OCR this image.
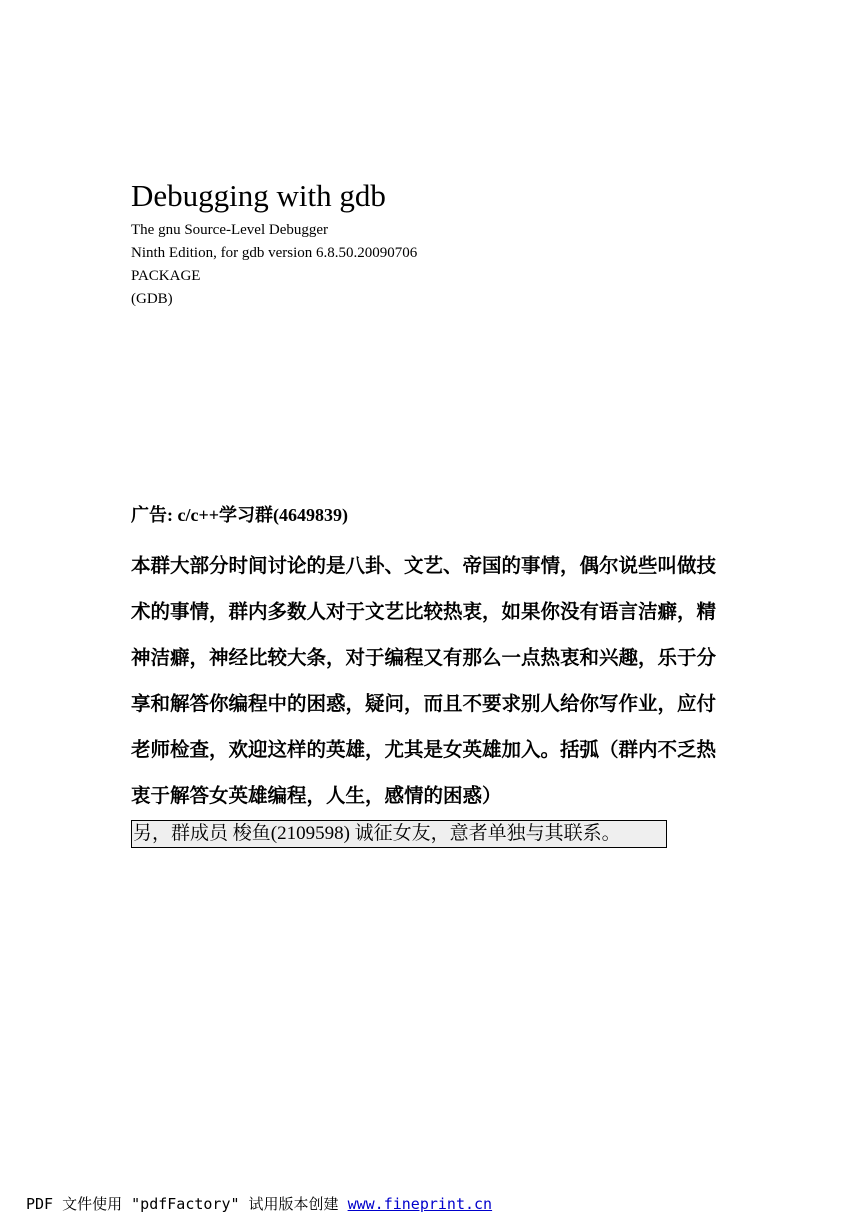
Debugging with gdb
The gnu Source-Level Debugger
Ninth Edition, for gdb version 6.8.50.20090706
PACKAGE
(GDB)
广告: c/c++学习群(4649839)
本群大部分时间讨论的是八卦、文艺、帝国的事情，偶尔说些叫做技
术的事情，群内多数人对于文艺比较热衷，如果你没有语言洁癖，精
神洁癖，神经比较大条，对于编程又有那么一点热衷和兴趣，乐于分
享和解答你编程中的困惑，疑问，而且不要求别人给你写作业，应付
老师检查，欢迎这样的英雄，尤其是女英雄加入。括弧（群内不乏热
衷于解答女英雄编程，人生，感情的困惑）
另，群成员 梭鱼(2109598) 诚征女友，意者单独与其联系。
PDF 文件使用 "pdfFactory" 试用版本创建 www.fineprint.cn
